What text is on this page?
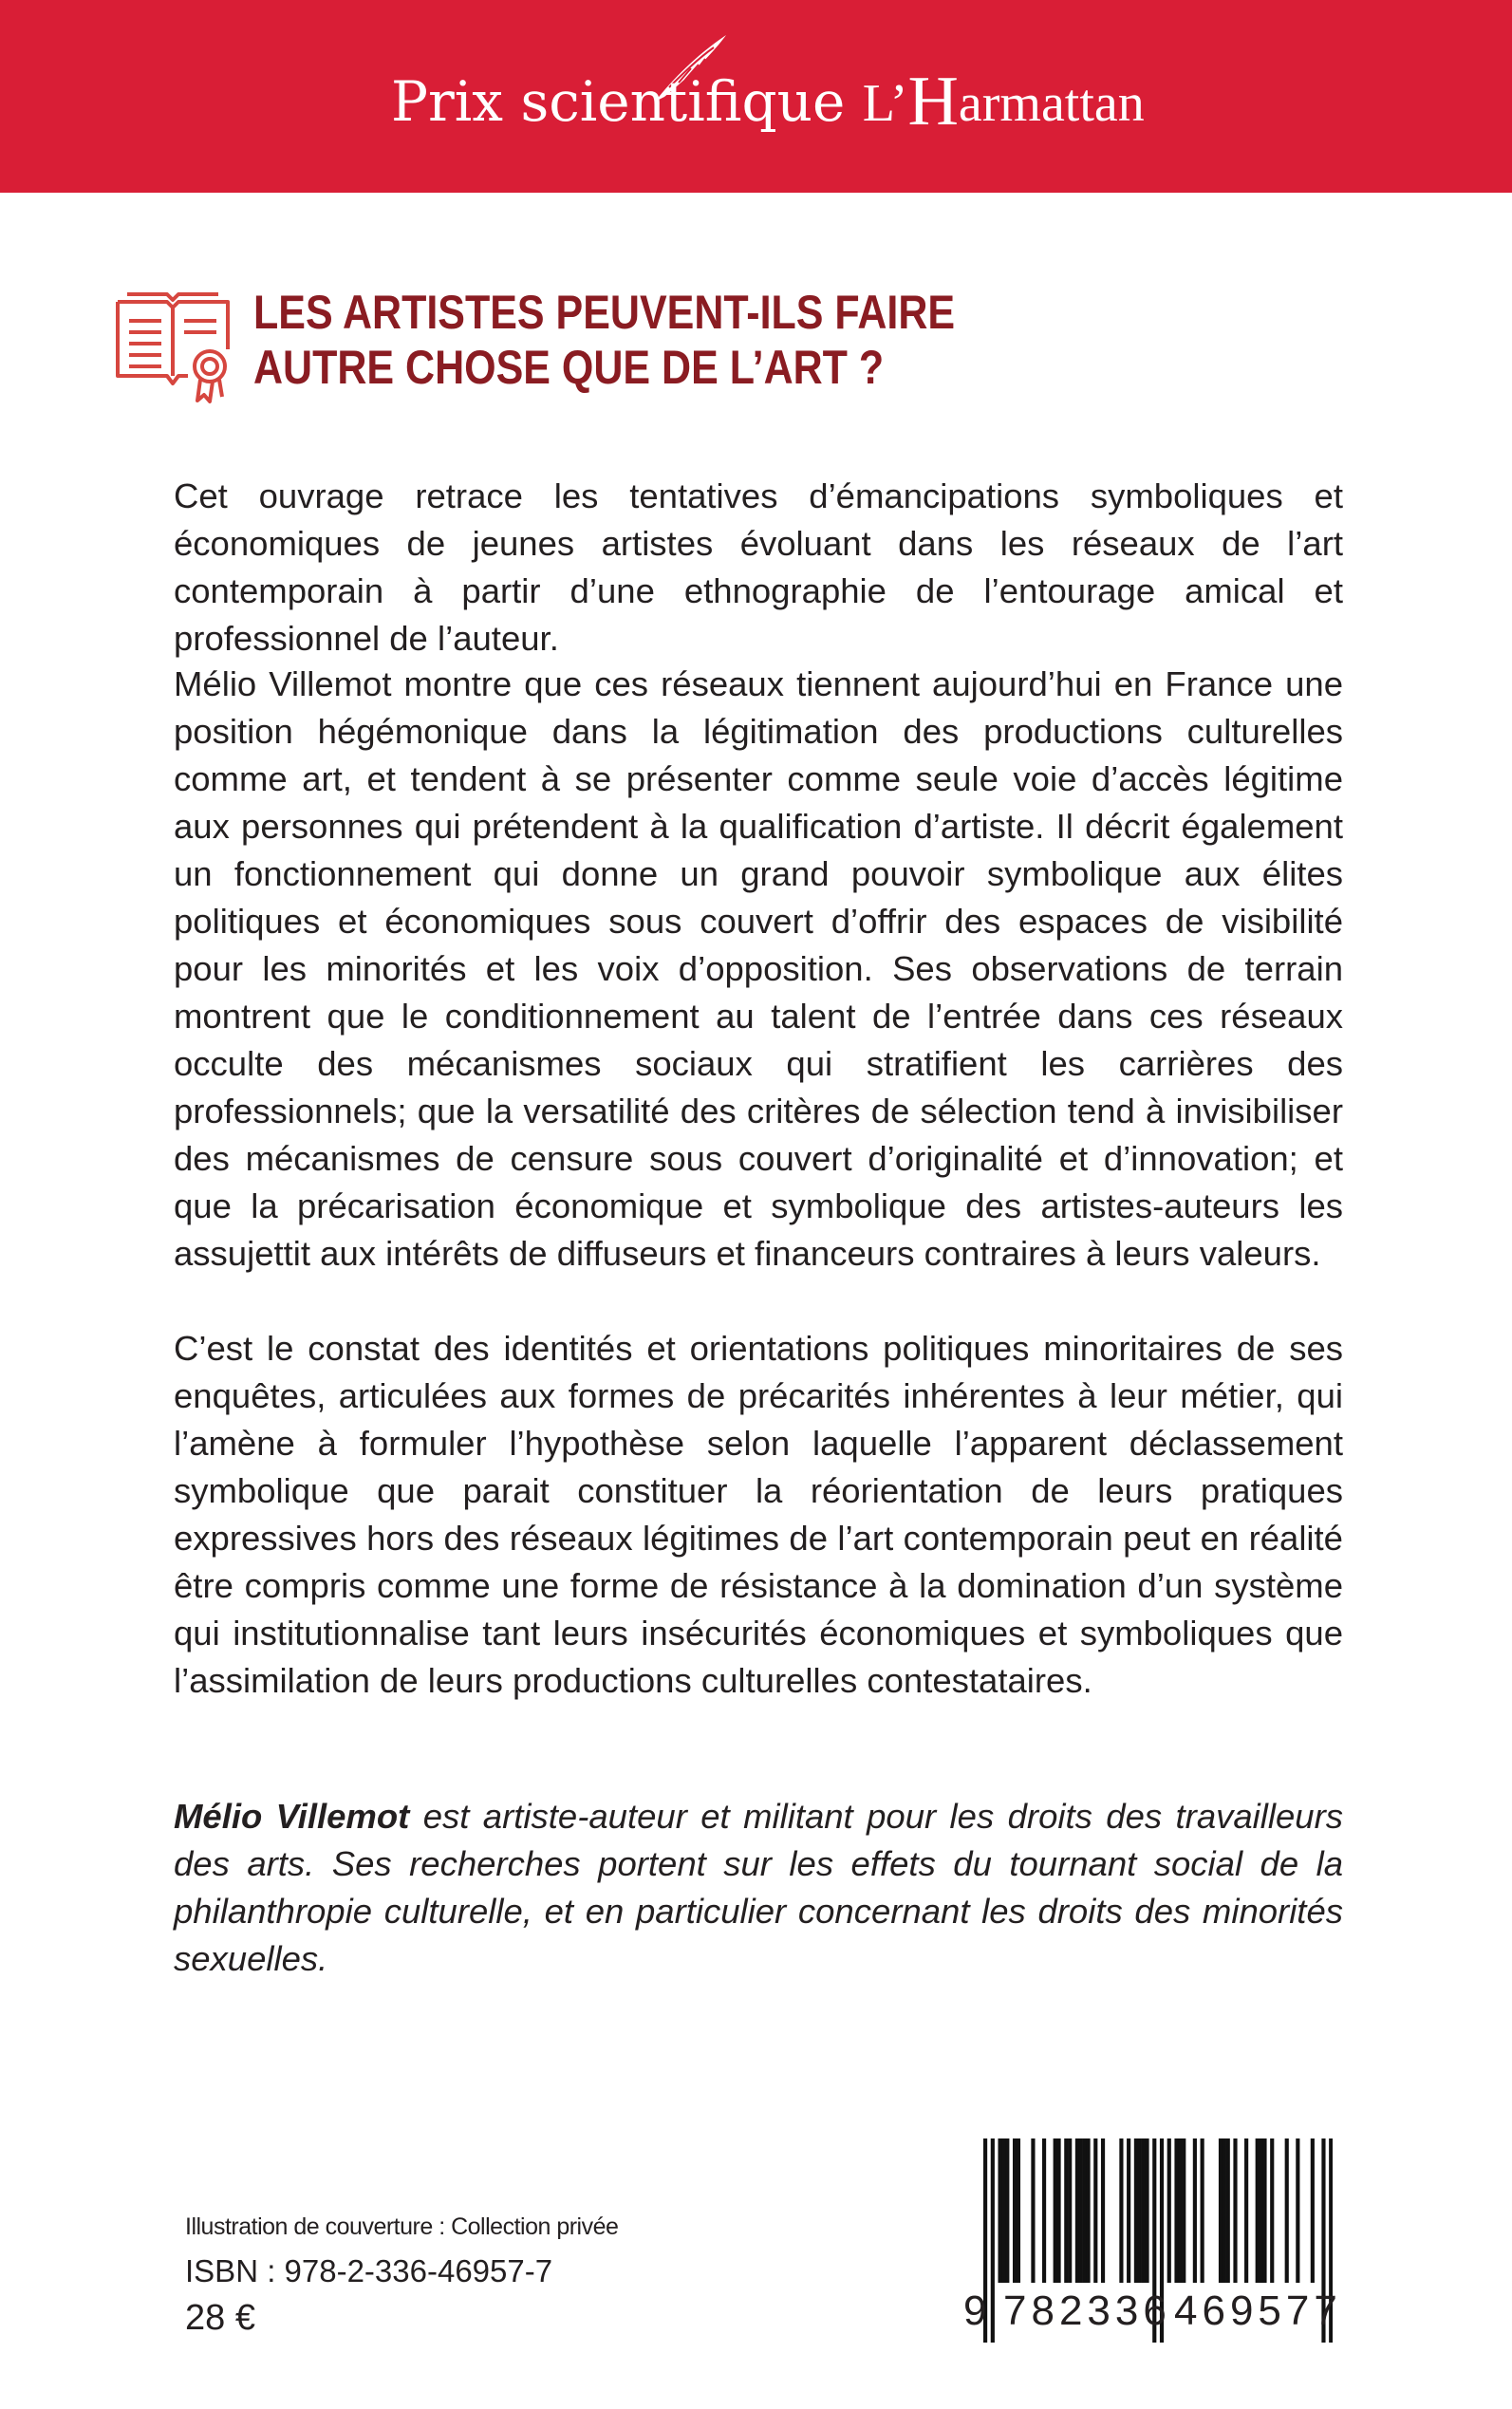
Prix scientifique L’Harmattan
LES ARTISTES PEUVENT-ILS FAIRE
AUTRE CHOSE QUE DE L’ART ?
Cet ouvrage retrace les tentatives d’émancipations symboliques et économiques de jeunes artistes évoluant dans les réseaux de l’art contemporain à partir d’une ethnographie de l’entourage amical et professionnel de l’auteur.
Mélio Villemot montre que ces réseaux tiennent aujourd’hui en France une position hégémonique dans la légitimation des productions culturelles comme art, et tendent à se présenter comme seule voie d’accès légitime aux personnes qui prétendent à la qualification d’artiste. Il décrit également un fonctionnement qui donne un grand pouvoir symbolique aux élites politiques et économiques sous couvert d’offrir des espaces de visibilité pour les minorités et les voix d’opposition. Ses observations de terrain montrent que le conditionnement au talent de l’entrée dans ces réseaux occulte des mécanismes sociaux qui stratifient les carrières des professionnels; que la versatilité des critères de sélection tend à invisibiliser des mécanismes de censure sous couvert d’originalité et d’innovation; et que la précarisation économique et symbolique des artistes-auteurs les assujettit aux intérêts de diffuseurs et financeurs contraires à leurs valeurs.
C’est le constat des identités et orientations politiques minoritaires de ses enquêtes, articulées aux formes de précarités inhérentes à leur métier, qui l’amène à formuler l’hypothèse selon laquelle l’apparent déclassement symbolique que parait constituer la réorientation de leurs pratiques expressives hors des réseaux légitimes de l’art contemporain peut en réalité être compris comme une forme de résistance à la domination d’un système qui institutionnalise tant leurs insécurités économiques et symboliques que l’assimilation de leurs productions culturelles contestataires.
Mélio Villemot est artiste-auteur et militant pour les droits des travailleurs des arts. Ses recherches portent sur les effets du tournant social de la philanthropie culturelle, et en particulier concernant les droits des minorités sexuelles.
Illustration de couverture : Collection privée
ISBN : 978-2-336-46957-7
28 €	9 782336 469577
